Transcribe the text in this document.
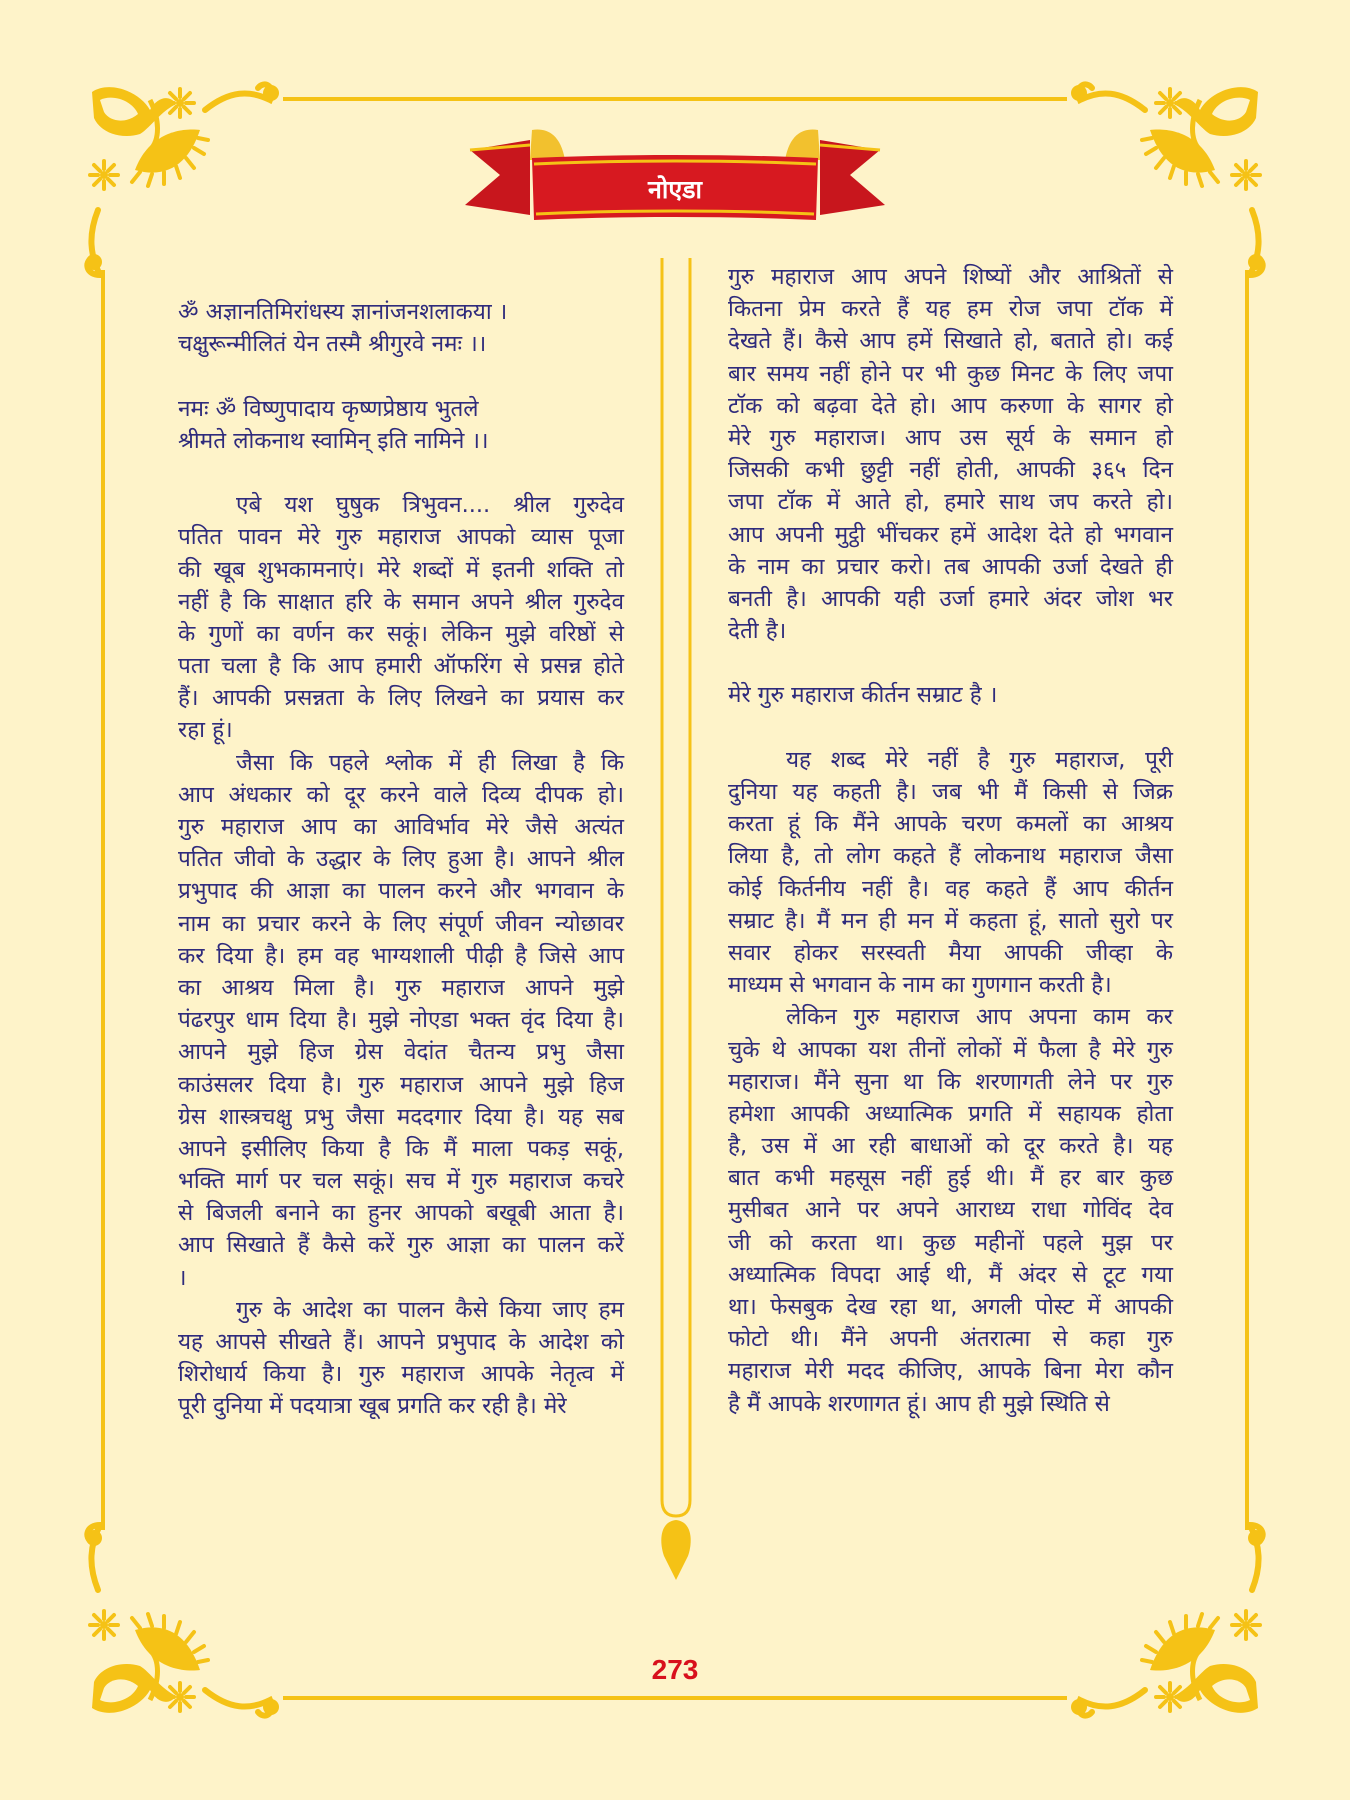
नोएडा
ॐ अज्ञानतिमिरांधस्य ज्ञानांजनशलाकया ।
चक्षुरून्मीलितं येन तस्मै श्रीगुरवे नमः ।।
नमः ॐ विष्णुपादाय कृष्णप्रेष्ठाय भुतले
श्रीमते लोकनाथ स्वामिन् इति नामिने ।।
एबे यश घुषुक त्रिभुवन.... श्रील गुरुदेव
पतित पावन मेरे गुरु महाराज आपको व्यास पूजा
की खूब शुभकामनाएं। मेरे शब्दों में इतनी शक्ति तो
नहीं है कि साक्षात हरि के समान अपने श्रील गुरुदेव
के गुणों का वर्णन कर सकूं। लेकिन मुझे वरिष्ठों से
पता चला है कि आप हमारी ऑफरिंग से प्रसन्न होते
हैं। आपकी प्रसन्नता के लिए लिखने का प्रयास कर
रहा हूं।
जैसा कि पहले श्लोक में ही लिखा है कि
आप अंधकार को दूर करने वाले दिव्य दीपक हो।
गुरु महाराज आप का आविर्भाव मेरे जैसे अत्यंत
पतित जीवो के उद्धार के लिए हुआ है। आपने श्रील
प्रभुपाद की आज्ञा का पालन करने और भगवान के
नाम का प्रचार करने के लिए संपूर्ण जीवन न्योछावर
कर दिया है। हम वह भाग्यशाली पीढ़ी है जिसे आप
का आश्रय मिला है। गुरु महाराज आपने मुझे
पंढरपुर धाम दिया है। मुझे नोएडा भक्त वृंद दिया है।
आपने मुझे हिज ग्रेस वेदांत चैतन्य प्रभु जैसा
काउंसलर दिया है। गुरु महाराज आपने मुझे हिज
ग्रेस शास्त्रचक्षु प्रभु जैसा मददगार दिया है। यह सब
आपने इसीलिए किया है कि मैं माला पकड़ सकूं,
भक्ति मार्ग पर चल सकूं। सच में गुरु महाराज कचरे
से बिजली बनाने का हुनर आपको बखूबी आता है।
आप सिखाते हैं कैसे करें गुरु आज्ञा का पालन करें
।
गुरु के आदेश का पालन कैसे किया जाए हम
यह आपसे सीखते हैं। आपने प्रभुपाद के आदेश को
शिरोधार्य किया है। गुरु महाराज आपके नेतृत्व में
पूरी दुनिया में पदयात्रा खूब प्रगति कर रही है। मेरे
गुरु महाराज आप अपने शिष्यों और आश्रितों से
कितना प्रेम करते हैं यह हम रोज जपा टॉक में
देखते हैं। कैसे आप हमें सिखाते हो, बताते हो। कई
बार समय नहीं होने पर भी कुछ मिनट के लिए जपा
टॉक को बढ़वा देते हो। आप करुणा के सागर हो
मेरे गुरु महाराज। आप उस सूर्य के समान हो
जिसकी कभी छुट्टी नहीं होती, आपकी ३६५ दिन
जपा टॉक में आते हो, हमारे साथ जप करते हो।
आप अपनी मुट्ठी भींचकर हमें आदेश देते हो भगवान
के नाम का प्रचार करो। तब आपकी उर्जा देखते ही
बनती है। आपकी यही उर्जा हमारे अंदर जोश भर
देती है।
मेरे गुरु महाराज कीर्तन सम्राट है ।
यह शब्द मेरे नहीं है गुरु महाराज, पूरी
दुनिया यह कहती है। जब भी मैं किसी से जिक्र
करता हूं कि मैंने आपके चरण कमलों का आश्रय
लिया है, तो लोग कहते हैं लोकनाथ महाराज जैसा
कोई किर्तनीय नहीं है। वह कहते हैं आप कीर्तन
सम्राट है। मैं मन ही मन में कहता हूं, सातो सुरो पर
सवार होकर सरस्वती मैया आपकी जीव्हा के
माध्यम से भगवान के नाम का गुणगान करती है।
लेकिन गुरु महाराज आप अपना काम कर
चुके थे आपका यश तीनों लोकों में फैला है मेरे गुरु
महाराज। मैंने सुना था कि शरणागती लेने पर गुरु
हमेशा आपकी अध्यात्मिक प्रगति में सहायक होता
है, उस में आ रही बाधाओं को दूर करते है। यह
बात कभी महसूस नहीं हुई थी। मैं हर बार कुछ
मुसीबत आने पर अपने आराध्य राधा गोविंद देव
जी को करता था। कुछ महीनों पहले मुझ पर
अध्यात्मिक विपदा आई थी, मैं अंदर से टूट गया
था। फेसबुक देख रहा था, अगली पोस्ट में आपकी
फोटो थी। मैंने अपनी अंतरात्मा से कहा गुरु
महाराज मेरी मदद कीजिए, आपके बिना मेरा कौन
है मैं आपके शरणागत हूं। आप ही मुझे स्थिति से
273
